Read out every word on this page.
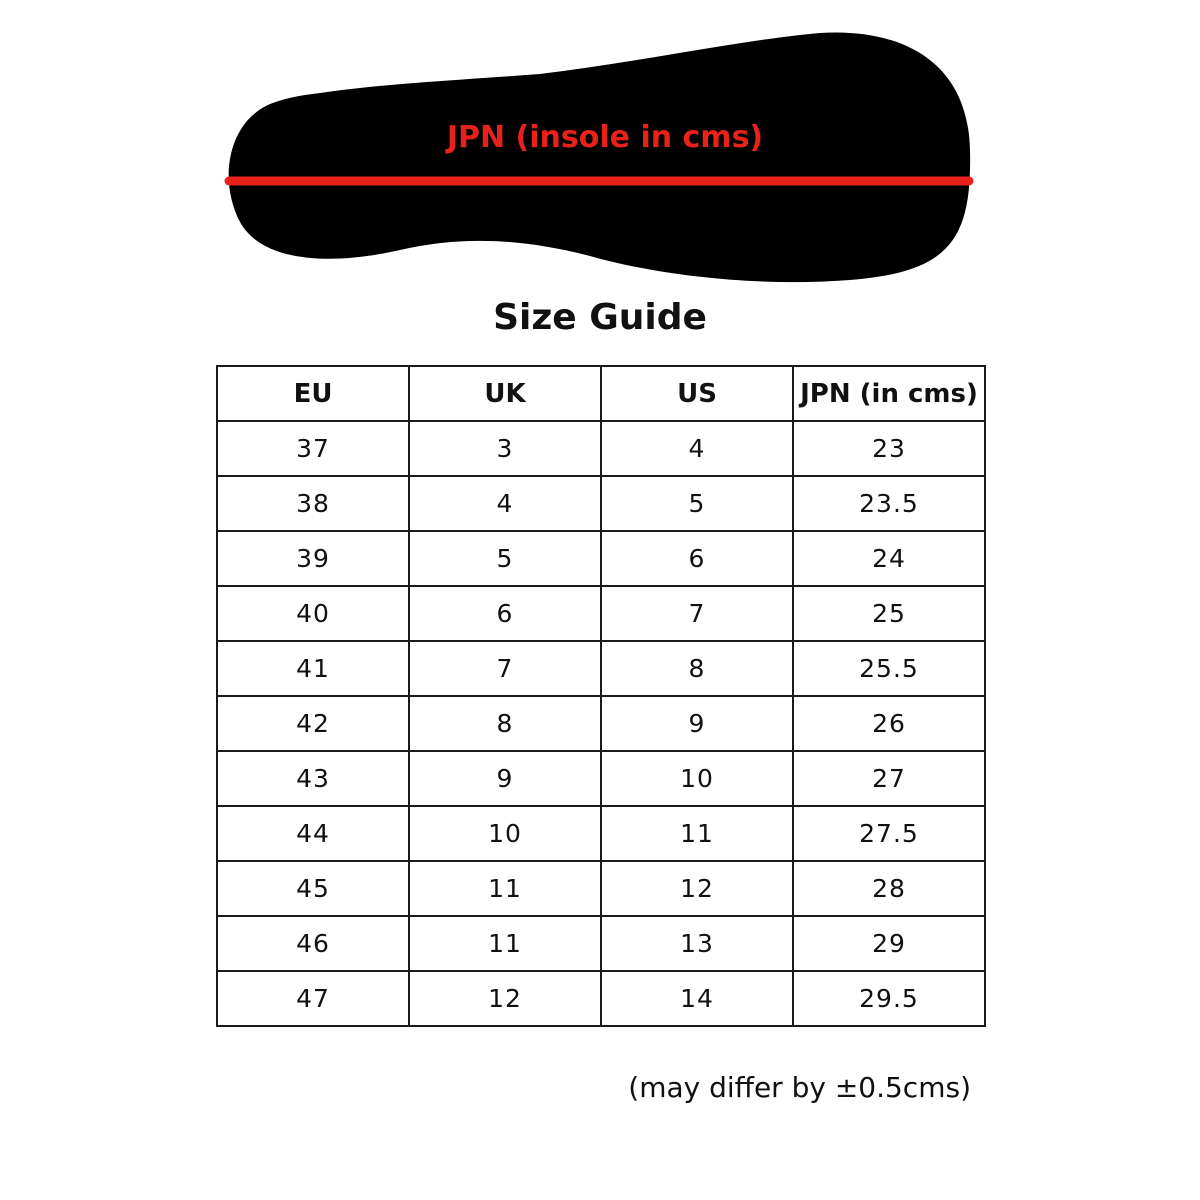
JPN (insole in cms)
Size Guide
EU	UK	US	JPN (in cms)
37	3	4	23
38	4	5	23.5
39	5	6	24
40	6	7	25
41	7	8	25.5
42	8	9	26
43	9	10	27
44	10	11	27.5
45	11	12	28
46	11	13	29
47	12	14	29.5
(may differ by ±0.5cms)
